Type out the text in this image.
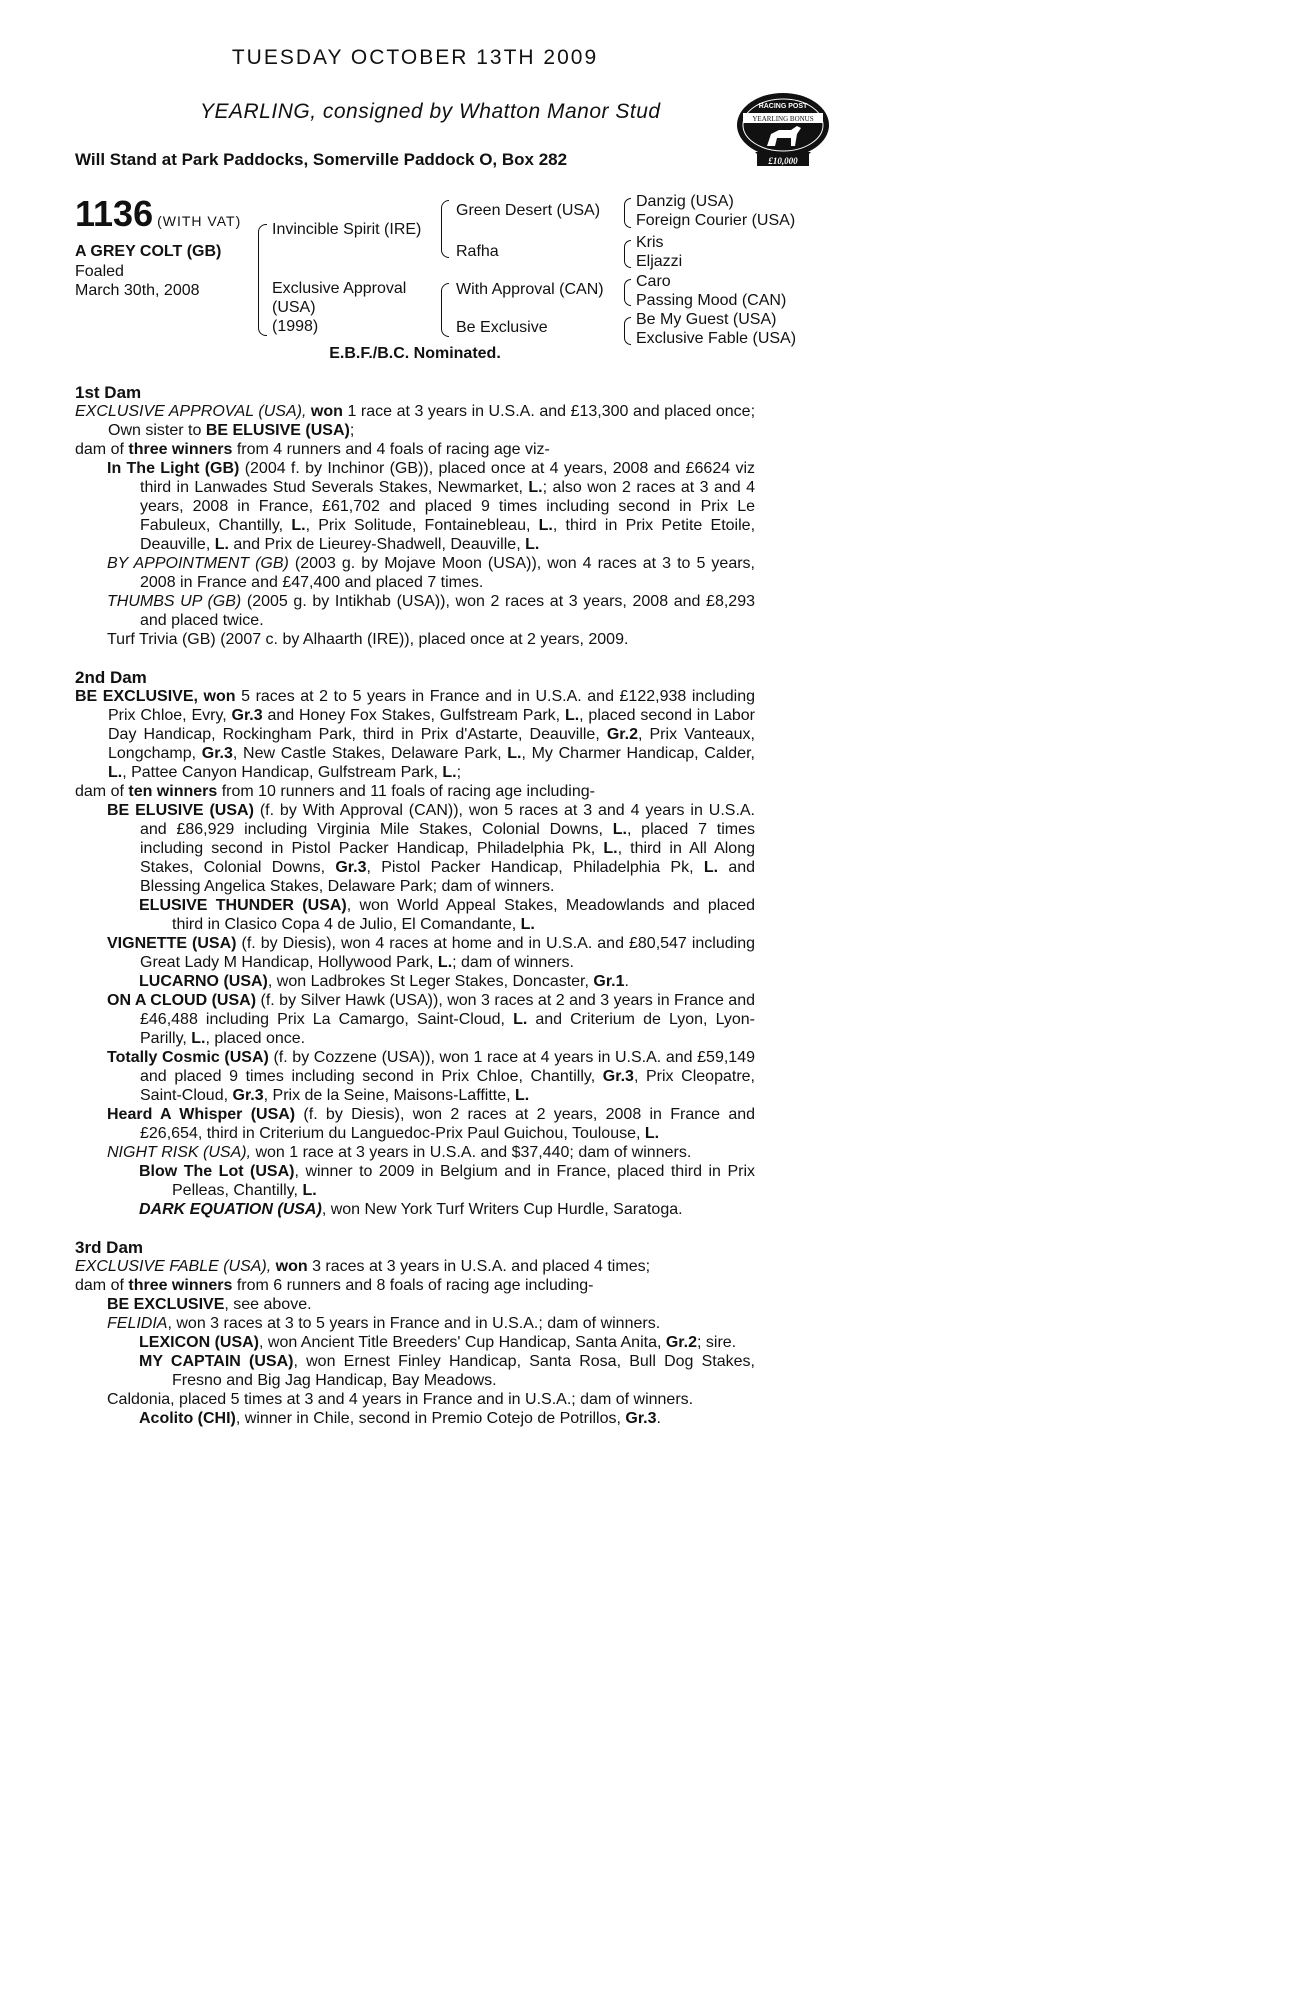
TUESDAY OCTOBER 13TH 2009
YEARLING, consigned by Whatton Manor Stud
Will Stand at Park Paddocks, Somerville Paddock O, Box 282
RACING POST
YEARLING BONUS
£10,000
1136 (WITH VAT)
A GREY COLT (GB)
Foaled
March 30th, 2008
Invincible Spirit (IRE)
Exclusive Approval
(USA)
(1998)
Green Desert (USA)
Rafha
With Approval (CAN)
Be Exclusive
Danzig (USA)
Foreign Courier (USA)
Kris
Eljazzi
Caro
Passing Mood (CAN)
Be My Guest (USA)
Exclusive Fable (USA)
E.B.F./B.C. Nominated.
1st Dam

EXCLUSIVE APPROVAL (USA), won 1 race at 3 years in U.S.A. and £13,300 and placed once; Own sister to BE ELUSIVE (USA);

dam of three winners from 4 runners and 4 foals of racing age viz-

In The Light (GB) (2004 f. by Inchinor (GB)), placed once at 4 years, 2008 and £6624 viz third in Lanwades Stud Severals Stakes, Newmarket, L.; also won 2 races at 3 and 4 years, 2008 in France, £61,702 and placed 9 times including second in Prix Le Fabuleux, Chantilly, L., Prix Solitude, Fontainebleau, L., third in Prix Petite Etoile, Deauville, L. and Prix de Lieurey-Shadwell, Deauville, L.

BY APPOINTMENT (GB) (2003 g. by Mojave Moon (USA)), won 4 races at 3 to 5 years, 2008 in France and £47,400 and placed 7 times.

THUMBS UP (GB) (2005 g. by Intikhab (USA)), won 2 races at 3 years, 2008 and £8,293 and placed twice.

Turf Trivia (GB) (2007 c. by Alhaarth (IRE)), placed once at 2 years, 2009.

2nd Dam

BE EXCLUSIVE, won 5 races at 2 to 5 years in France and in U.S.A. and £122,938 including Prix Chloe, Evry, Gr.3 and Honey Fox Stakes, Gulfstream Park, L., placed second in Labor Day Handicap, Rockingham Park, third in Prix d'Astarte, Deauville, Gr.2, Prix Vanteaux, Longchamp, Gr.3, New Castle Stakes, Delaware Park, L., My Charmer Handicap, Calder, L., Pattee Canyon Handicap, Gulfstream Park, L.;

dam of ten winners from 10 runners and 11 foals of racing age including-

BE ELUSIVE (USA) (f. by With Approval (CAN)), won 5 races at 3 and 4 years in U.S.A. and £86,929 including Virginia Mile Stakes, Colonial Downs, L., placed 7 times including second in Pistol Packer Handicap, Philadelphia Pk, L., third in All Along Stakes, Colonial Downs, Gr.3, Pistol Packer Handicap, Philadelphia Pk, L. and Blessing Angelica Stakes, Delaware Park; dam of winners.

ELUSIVE THUNDER (USA), won World Appeal Stakes, Meadowlands and placed third in Clasico Copa 4 de Julio, El Comandante, L.

VIGNETTE (USA) (f. by Diesis), won 4 races at home and in U.S.A. and £80,547 including Great Lady M Handicap, Hollywood Park, L.; dam of winners.

LUCARNO (USA), won Ladbrokes St Leger Stakes, Doncaster, Gr.1.

ON A CLOUD (USA) (f. by Silver Hawk (USA)), won 3 races at 2 and 3 years in France and £46,488 including Prix La Camargo, Saint-Cloud, L. and Criterium de Lyon, Lyon-Parilly, L., placed once.

Totally Cosmic (USA) (f. by Cozzene (USA)), won 1 race at 4 years in U.S.A. and £59,149 and placed 9 times including second in Prix Chloe, Chantilly, Gr.3, Prix Cleopatre, Saint-Cloud, Gr.3, Prix de la Seine, Maisons-Laffitte, L.

Heard A Whisper (USA) (f. by Diesis), won 2 races at 2 years, 2008 in France and £26,654, third in Criterium du Languedoc-Prix Paul Guichou, Toulouse, L.

NIGHT RISK (USA), won 1 race at 3 years in U.S.A. and $37,440; dam of winners.

Blow The Lot (USA), winner to 2009 in Belgium and in France, placed third in Prix Pelleas, Chantilly, L.

DARK EQUATION (USA), won New York Turf Writers Cup Hurdle, Saratoga.

3rd Dam

EXCLUSIVE FABLE (USA), won 3 races at 3 years in U.S.A. and placed 4 times;

dam of three winners from 6 runners and 8 foals of racing age including-

BE EXCLUSIVE, see above.

FELIDIA, won 3 races at 3 to 5 years in France and in U.S.A.; dam of winners.

LEXICON (USA), won Ancient Title Breeders' Cup Handicap, Santa Anita, Gr.2; sire.

MY CAPTAIN (USA), won Ernest Finley Handicap, Santa Rosa, Bull Dog Stakes, Fresno and Big Jag Handicap, Bay Meadows.

Caldonia, placed 5 times at 3 and 4 years in France and in U.S.A.; dam of winners.

Acolito (CHI), winner in Chile, second in Premio Cotejo de Potrillos, Gr.3.
